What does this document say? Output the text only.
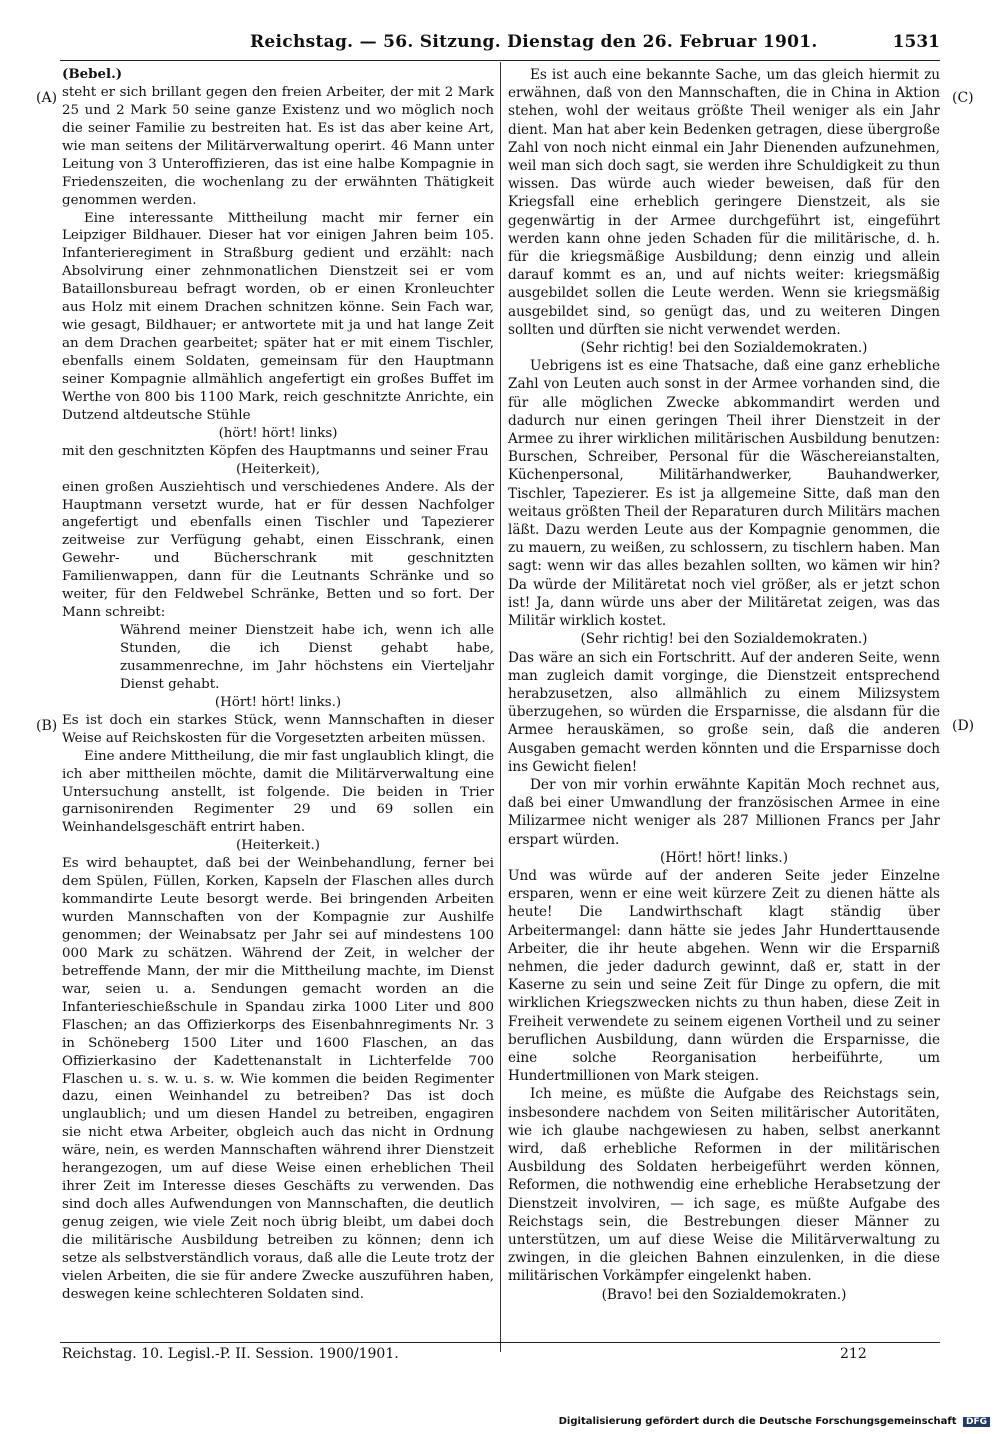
Reichstag. — 56. Sitzung. Dienstag den 26. Februar 1901.	1531
(A)
(B)
(C)
(D)

(Bebel.)

steht er sich brillant gegen den freien Arbeiter, der mit 2 Mark 25 und 2 Mark 50 seine ganze Existenz und wo möglich noch die seiner Familie zu bestreiten hat. Es ist das aber keine Art, wie man seitens der Militärverwaltung operirt. 46 Mann unter Leitung von 3 Unteroffizieren, das ist eine halbe Kompagnie in Friedenszeiten, die wochenlang zu der erwähnten Thätigkeit genommen werden.

Eine interessante Mittheilung macht mir ferner ein Leipziger Bildhauer. Dieser hat vor einigen Jahren beim 105. Infanterieregiment in Straßburg gedient und erzählt: nach Absolvirung einer zehnmonatlichen Dienstzeit sei er vom Bataillonsbureau befragt worden, ob er einen Kronleuchter aus Holz mit einem Drachen schnitzen könne. Sein Fach war, wie gesagt, Bildhauer; er antwortete mit ja und hat lange Zeit an dem Drachen gearbeitet; später hat er mit einem Tischler, ebenfalls einem Soldaten, gemeinsam für den Hauptmann seiner Kompagnie allmählich angefertigt ein großes Buffet im Werthe von 800 bis 1100 Mark, reich geschnitzte Anrichte, ein Dutzend altdeutsche Stühle

(hört! hört! links)

mit den geschnitzten Köpfen des Hauptmanns und seiner Frau

(Heiterkeit),

einen großen Ausziehtisch und verschiedenes Andere. Als der Hauptmann versetzt wurde, hat er für dessen Nachfolger angefertigt und ebenfalls einen Tischler und Tapezierer zeitweise zur Verfügung gehabt, einen Eisschrank, einen Gewehr- und Bücherschrank mit geschnitzten Familienwappen, dann für die Leutnants Schränke und so weiter, für den Feldwebel Schränke, Betten und so fort. Der Mann schreibt:

Während meiner Dienstzeit habe ich, wenn ich alle Stunden, die ich Dienst gehabt habe, zusammenrechne, im Jahr höchstens ein Vierteljahr Dienst gehabt.

(Hört! hört! links.)

Es ist doch ein starkes Stück, wenn Mannschaften in dieser Weise auf Reichskosten für die Vorgesetzten arbeiten müssen.

Eine andere Mittheilung, die mir fast unglaublich klingt, die ich aber mittheilen möchte, damit die Militärverwaltung eine Untersuchung anstellt, ist folgende. Die beiden in Trier garnisonirenden Regimenter 29 und 69 sollen ein Weinhandelsgeschäft entrirt haben.

(Heiterkeit.)

Es wird behauptet, daß bei der Weinbehandlung, ferner bei dem Spülen, Füllen, Korken, Kapseln der Flaschen alles durch kommandirte Leute besorgt werde. Bei bringenden Arbeiten wurden Mannschaften von der Kompagnie zur Aushilfe genommen; der Weinabsatz per Jahr sei auf mindestens 100 000 Mark zu schätzen. Während der Zeit, in welcher der betreffende Mann, der mir die Mittheilung machte, im Dienst war, seien u. a. Sendungen gemacht worden an die Infanterieschießschule in Spandau zirka 1000 Liter und 800 Flaschen; an das Offizierkorps des Eisenbahnregiments Nr. 3 in Schöneberg 1500 Liter und 1600 Flaschen, an das Offizierkasino der Kadettenanstalt in Lichterfelde 700 Flaschen u. s. w. u. s. w. Wie kommen die beiden Regimenter dazu, einen Weinhandel zu betreiben? Das ist doch unglaublich; und um diesen Handel zu betreiben, engagiren sie nicht etwa Arbeiter, obgleich auch das nicht in Ordnung wäre, nein, es werden Mannschaften während ihrer Dienstzeit herangezogen, um auf diese Weise einen erheblichen Theil ihrer Zeit im Interesse dieses Geschäfts zu verwenden. Das sind doch alles Aufwendungen von Mannschaften, die deutlich genug zeigen, wie viele Zeit noch übrig bleibt, um dabei doch die militärische Ausbildung betreiben zu können; denn ich setze als selbstverständlich voraus, daß alle die Leute trotz der vielen Arbeiten, die sie für andere Zwecke auszuführen haben, deswegen keine schlechteren Soldaten sind.

Es ist auch eine bekannte Sache, um das gleich hiermit zu erwähnen, daß von den Mannschaften, die in China in Aktion stehen, wohl der weitaus größte Theil weniger als ein Jahr dient. Man hat aber kein Bedenken getragen, diese übergroße Zahl von noch nicht einmal ein Jahr Dienenden aufzunehmen, weil man sich doch sagt, sie werden ihre Schuldigkeit zu thun wissen. Das würde auch wieder beweisen, daß für den Kriegsfall eine erheblich geringere Dienstzeit, als sie gegenwärtig in der Armee durchgeführt ist, eingeführt werden kann ohne jeden Schaden für die militärische, d. h. für die kriegsmäßige Ausbildung; denn einzig und allein darauf kommt es an, und auf nichts weiter: kriegsmäßig ausgebildet sollen die Leute werden. Wenn sie kriegsmäßig ausgebildet sind, so genügt das, und zu weiteren Dingen sollten und dürften sie nicht verwendet werden.

(Sehr richtig! bei den Sozialdemokraten.)

Uebrigens ist es eine Thatsache, daß eine ganz erhebliche Zahl von Leuten auch sonst in der Armee vorhanden sind, die für alle möglichen Zwecke abkommandirt werden und dadurch nur einen geringen Theil ihrer Dienstzeit in der Armee zu ihrer wirklichen militärischen Ausbildung benutzen: Burschen, Schreiber, Personal für die Wäschereianstalten, Küchenpersonal, Militärhandwerker, Bauhandwerker, Tischler, Tapezierer. Es ist ja allgemeine Sitte, daß man den weitaus größten Theil der Reparaturen durch Militärs machen läßt. Dazu werden Leute aus der Kompagnie genommen, die zu mauern, zu weißen, zu schlossern, zu tischlern haben. Man sagt: wenn wir das alles bezahlen sollten, wo kämen wir hin? Da würde der Militäretat noch viel größer, als er jetzt schon ist! Ja, dann würde uns aber der Militäretat zeigen, was das Militär wirklich kostet.

(Sehr richtig! bei den Sozialdemokraten.)

Das wäre an sich ein Fortschritt. Auf der anderen Seite, wenn man zugleich damit vorginge, die Dienstzeit entsprechend herabzusetzen, also allmählich zu einem Milizsystem überzugehen, so würden die Ersparnisse, die alsdann für die Armee herauskämen, so große sein, daß die anderen Ausgaben gemacht werden könnten und die Ersparnisse doch ins Gewicht fielen!

Der von mir vorhin erwähnte Kapitän Moch rechnet aus, daß bei einer Umwandlung der französischen Armee in eine Milizarmee nicht weniger als 287 Millionen Francs per Jahr erspart würden.

(Hört! hört! links.)

Und was würde auf der anderen Seite jeder Einzelne ersparen, wenn er eine weit kürzere Zeit zu dienen hätte als heute! Die Landwirthschaft klagt ständig über Arbeitermangel: dann hätte sie jedes Jahr Hunderttausende Arbeiter, die ihr heute abgehen. Wenn wir die Ersparniß nehmen, die jeder dadurch gewinnt, daß er, statt in der Kaserne zu sein und seine Zeit für Dinge zu opfern, die mit wirklichen Kriegszwecken nichts zu thun haben, diese Zeit in Freiheit verwendete zu seinem eigenen Vortheil und zu seiner beruflichen Ausbildung, dann würden die Ersparnisse, die eine solche Reorganisation herbeiführte, um Hundertmillionen von Mark steigen.

Ich meine, es müßte die Aufgabe des Reichstags sein, insbesondere nachdem von Seiten militärischer Autoritäten, wie ich glaube nachgewiesen zu haben, selbst anerkannt wird, daß erhebliche Reformen in der militärischen Ausbildung des Soldaten herbeigeführt werden können, Reformen, die nothwendig eine erhebliche Herabsetzung der Dienstzeit involviren, — ich sage, es müßte Aufgabe des Reichstags sein, die Bestrebungen dieser Männer zu unterstützen, um auf diese Weise die Militärverwaltung zu zwingen, in die gleichen Bahnen einzulenken, in die diese militärischen Vorkämpfer eingelenkt haben.

(Bravo! bei den Sozialdemokraten.)

Reichstag. 10. Legisl.-P. II. Session. 1900/1901.	212
Digitalisierung gefördert durch die Deutsche Forschungsgemeinschaft DFG
